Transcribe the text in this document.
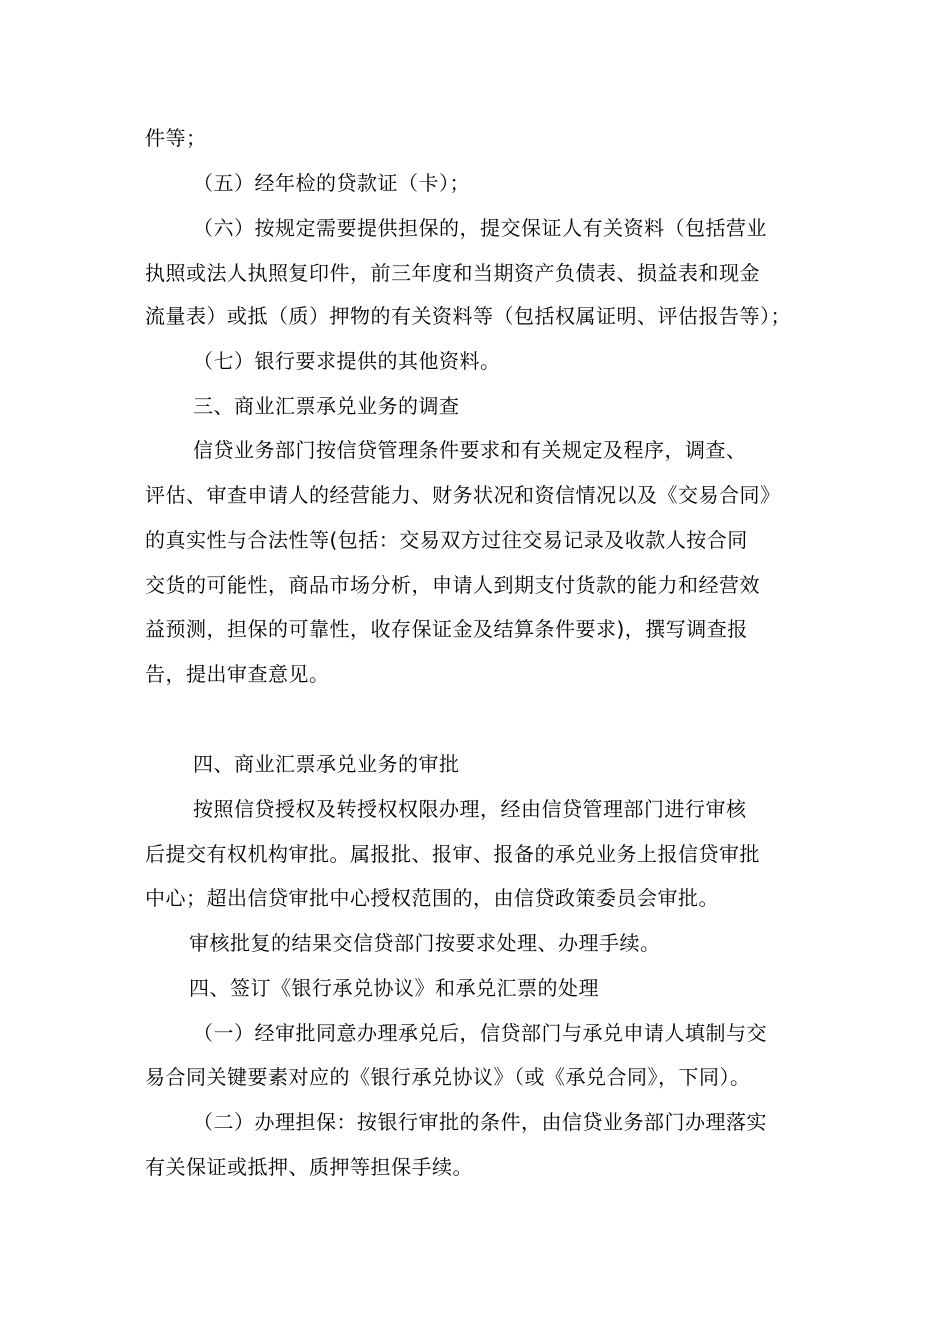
件等；

（五）经年检的贷款证（卡）；

（六）按规定需要提供担保的，提交保证人有关资料（包括营业

执照或法人执照复印件，前三年度和当期资产负债表、损益表和现金

流量表）或抵（质）押物的有关资料等（包括权属证明、评估报告等）；

（七）银行要求提供的其他资料。

三、商业汇票承兑业务的调查

信贷业务部门按信贷管理条件要求和有关规定及程序，调查、

评估、审查申请人的经营能力、财务状况和资信情况以及《交易合同》

的真实性与合法性等(包括：交易双方过往交易记录及收款人按合同

交货的可能性，商品市场分析，申请人到期支付货款的能力和经营效

益预测，担保的可靠性，收存保证金及结算条件要求)，撰写调查报

告，提出审查意见。

四、商业汇票承兑业务的审批

按照信贷授权及转授权权限办理，经由信贷管理部门进行审核

后提交有权机构审批。属报批、报审、报备的承兑业务上报信贷审批

中心；超出信贷审批中心授权范围的，由信贷政策委员会审批。

审核批复的结果交信贷部门按要求处理、办理手续。

四、签订《银行承兑协议》和承兑汇票的处理

（一）经审批同意办理承兑后，信贷部门与承兑申请人填制与交

易合同关键要素对应的《银行承兑协议》（或《承兑合同》，下同）。

（二）办理担保：按银行审批的条件，由信贷业务部门办理落实

有关保证或抵押、质押等担保手续。
